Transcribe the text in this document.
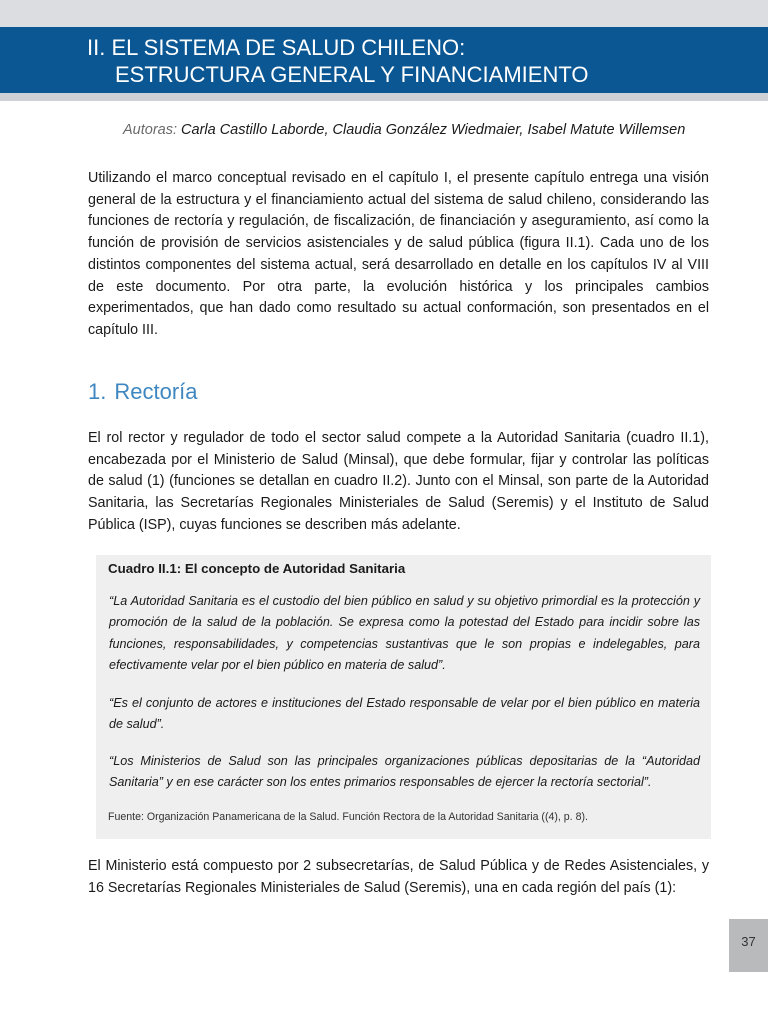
II. EL SISTEMA DE SALUD CHILENO:
ESTRUCTURA GENERAL Y FINANCIAMIENTO
Autoras: Carla Castillo Laborde, Claudia González Wiedmaier, Isabel Matute Willemsen

Utilizando el marco conceptual revisado en el capítulo I, el presente capítulo entrega una visión general de la estructura y el financiamiento actual del sistema de salud chileno, considerando las funciones de rectoría y regulación, de fiscalización, de financiación y aseguramiento, así como la función de provisión de servicios asistenciales y de salud pública (figura II.1). Cada uno de los distintos componentes del sistema actual, será desarrollado en detalle en los capítulos IV al VIII de este documento. Por otra parte, la evolución histórica y los principales cambios experimentados, que han dado como resultado su actual conformación, son presentados en el capítulo III.

1. Rectoría

El rol rector y regulador de todo el sector salud compete a la Autoridad Sanitaria (cuadro II.1), encabezada por el Ministerio de Salud (Minsal), que debe formular, fijar y controlar las políticas de salud (1) (funciones se detallan en cuadro II.2). Junto con el Minsal, son parte de la Autoridad Sanitaria, las Secretarías Regionales Ministeriales de Salud (Seremis) y el Instituto de Salud Pública (ISP), cuyas funciones se describen más adelante.

Cuadro II.1: El concepto de Autoridad Sanitaria

“La Autoridad Sanitaria es el custodio del bien público en salud y su objetivo primordial es la protección y promoción de la salud de la población. Se expresa como la potestad del Estado para incidir sobre las funciones, responsabilidades, y competencias sustantivas que le son propias e indelegables, para efectivamente velar por el bien público en materia de salud”.

“Es el conjunto de actores e instituciones del Estado responsable de velar por el bien público en materia de salud”.

“Los Ministerios de Salud son las principales organizaciones públicas depositarias de la “Autoridad Sanitaria” y en ese carácter son los entes primarios responsables de ejercer la rectoría sectorial”.

Fuente: Organización Panamericana de la Salud. Función Rectora de la Autoridad Sanitaria ((4), p. 8).

El Ministerio está compuesto por 2 subsecretarías, de Salud Pública y de Redes Asistenciales, y 16 Secretarías Regionales Ministeriales de Salud (Seremis), una en cada región del país (1):

37
